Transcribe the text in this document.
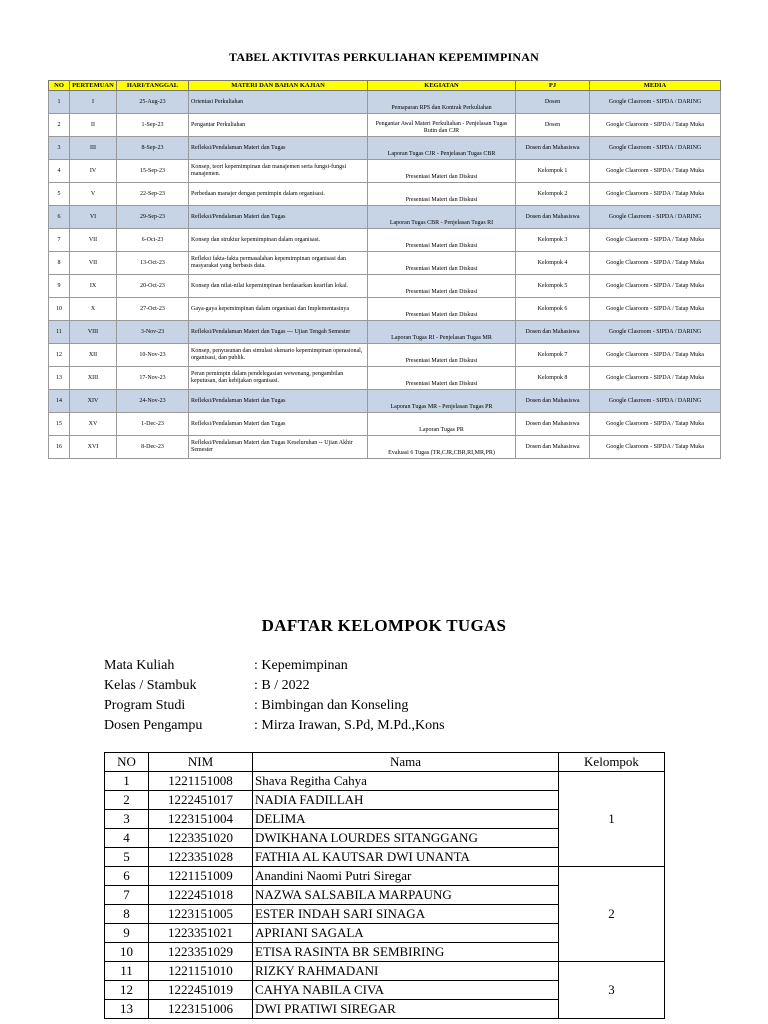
TABEL AKTIVITAS PERKULIAHAN KEPEMIMPINAN
NO	PERTEMUAN	HARI/TANGGAL	MATERI DAN BAHAN KAJIAN	KEGIATAN	PJ	MEDIA
1	I	25-Aug-23	Orientasi Perkuliahan	Pemaparan RPS dan Kontrak Perkuliahan	Dosen	Google Clasroom - SIPDA / DARING
2	II	1-Sep-23	Pengantar Perkuliahan	Pengantar Awal Materi Perkuliahan - Penjelasan Tugas Rutin dan CJR	Dosen	Google Clasroom - SIPDA / Tatap Muka
3	III	8-Sep-23	Refleksi/Pendalaman Materi dan Tugas	Laporan Tugas CJR - Penjelasan Tugas CBR	Dosen dan Mahasiswa	Google Clasroom - SIPDA / DARING
4	IV	15-Sep-23	Konsep, teori kepemimpinan dan manajemen serta fungsi-fungsi manajemen.	Presentasi Materi dan Diskusi	Kelompok 1	Google Clasroom - SIPDA / Tatap Muka
5	V	22-Sep-23	Perbedaan manajer dengan pemimpin dalam organisasi.	Presentasi Materi dan Diskusi	Kelompok 2	Google Clasroom - SIPDA / Tatap Muka
6	VI	29-Sep-23	Refleksi/Pendalaman Materi dan Tugas	Laporan Tugas CBR - Penjelasan Tugas RI	Dosen dan Mahasiswa	Google Clasroom - SIPDA / DARING
7	VII	6-Oct-23	Konsep dan struktur kepemimpinan dalam organisasi.	Presentasi Materi dan Diskusi	Kelompok 3	Google Clasroom - SIPDA / Tatap Muka
8	VII	13-Oct-23	Refleksi fakta-fakta permasalahan kepemimpinan organisasi dan masyarakat yang berbasis data.	Presentasi Materi dan Diskusi	Kelompok 4	Google Clasroom - SIPDA / Tatap Muka
9	IX	20-Oct-23	Konsep dan nilai-nilai kepemimpinan berdasarkan kearifan lokal.	Presentasi Materi dan Diskusi	Kelompok 5	Google Clasroom - SIPDA / Tatap Muka
10	X	27-Oct-23	Gaya-gaya kepemimpinan dalam organisasi dan Implementasinya	Presentasi Materi dan Diskusi	Kelompok 6	Google Clasroom - SIPDA / Tatap Muka
11	VIII	3-Nov-23	Refleksi/Pendalaman Materi dan Tugas --- Ujian Tengah Semester	Laporan Tugas RI - Penjelasan Tugas MR	Dosen dan Mahasiswa	Google Clasroom - SIPDA / DARING
12	XII	10-Nov-23	Konsep, penyusunan dan simulasi skenario kepemimpinan operasional, organisasi, dan publik.	Presentasi Materi dan Diskusi	Kelompok 7	Google Clasroom - SIPDA / Tatap Muka
13	XIII	17-Nov-23	Peran pemimpin dalam pendelegasian wewenang, pengambilan keputusan, dan kebijakan organisasi.	Presentasi Materi dan Diskusi	Kelompok 8	Google Clasroom - SIPDA / Tatap Muka
14	XIV	24-Nov-23	Refleksi/Pendalaman Materi dan Tugas	Laporan Tugas MR - Penjelasan Tugas PR	Dosen dan Mahasiswa	Google Clasroom - SIPDA / DARING
15	XV	1-Dec-23	Refleksi/Pendalaman Materi dan Tugas	Laporan Tugas PR	Dosen dan Mahasiswa	Google Clasroom - SIPDA / Tatap Muka
16	XVI	8-Dec-23	Refleksi/Pendalaman Materi dan Tugas Keseluruhan -- Ujian Akhir Semester	Evaluasi 6 Tugas (TR,CJR,CBR,RI,MR,PR)	Dosen dan Mahasiswa	Google Clasroom - SIPDA / Tatap Muka
DAFTAR KELOMPOK TUGAS
Mata Kuliah	: Kepemimpinan
Kelas / Stambuk	: B / 2022
Program Studi	: Bimbingan dan Konseling
Dosen Pengampu	: Mirza Irawan, S.Pd, M.Pd.,Kons
NO	NIM	Nama	Kelompok
1	1221151008	Shava Regitha Cahya	1
2	1222451017	NADIA FADILLAH	
3	1223151004	DELIMA	
4	1223351020	DWIKHANA LOURDES SITANGGANG	
5	1223351028	FATHIA AL KAUTSAR DWI UNANTA	
6	1221151009	Anandini Naomi Putri Siregar	2
7	1222451018	NAZWA SALSABILA MARPAUNG	
8	1223151005	ESTER INDAH SARI SINAGA	
9	1223351021	APRIANI SAGALA	
10	1223351029	ETISA RASINTA BR SEMBIRING	
11	1221151010	RIZKY RAHMADANI	3
12	1222451019	CAHYA NABILA CIVA	
13	1223151006	DWI PRATIWI SIREGAR	
